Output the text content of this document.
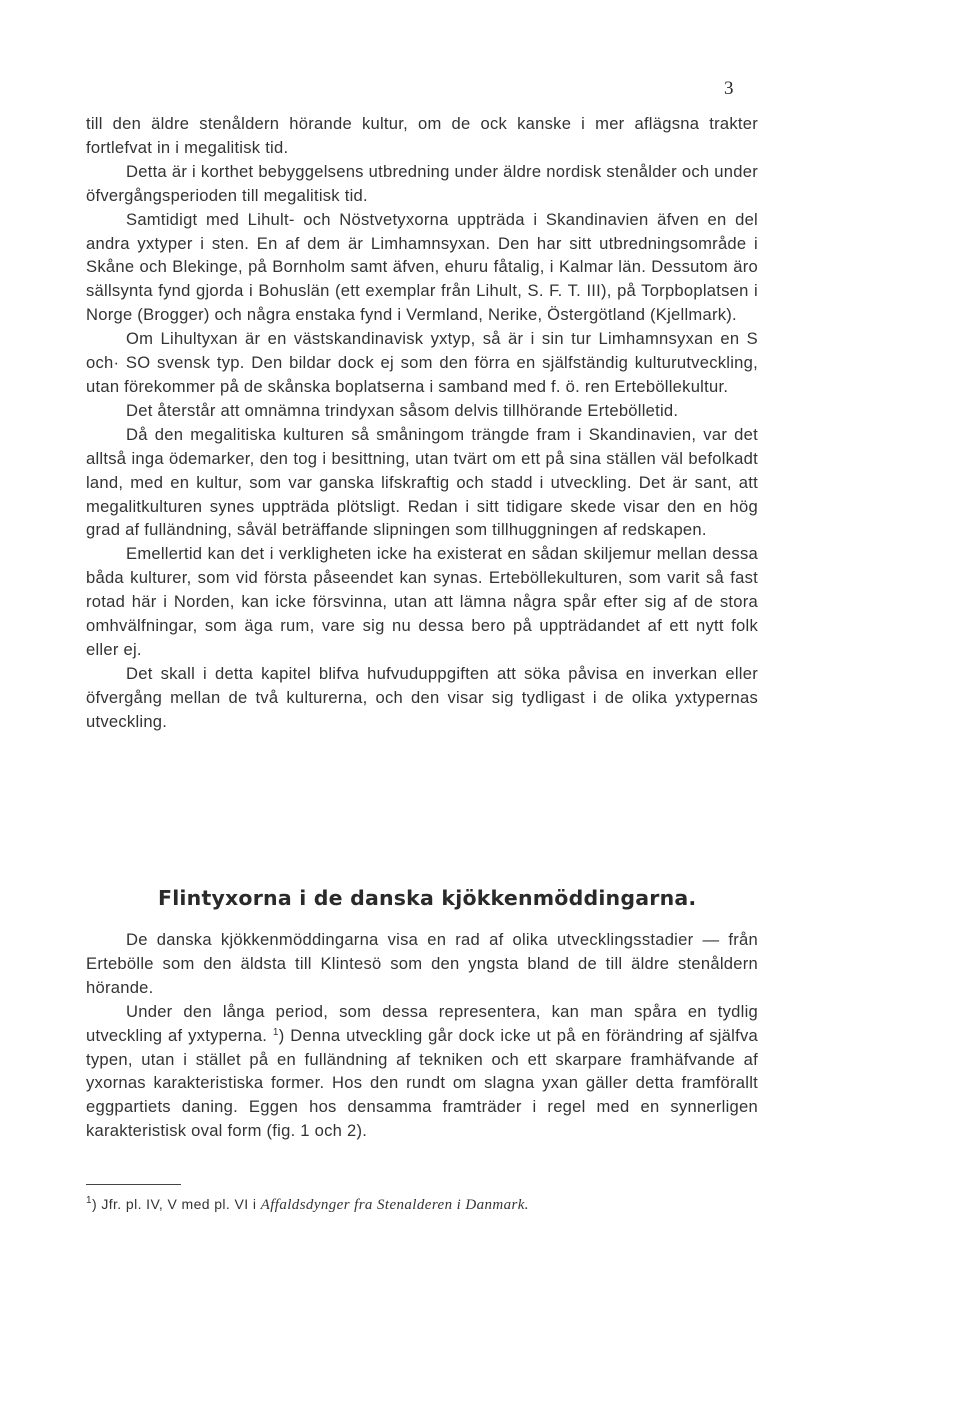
3

till den äldre stenåldern hörande kultur, om de ock kanske i mer aflägsna trakter fortlefvat in i megalitisk tid.

Detta är i korthet bebyggelsens utbredning under äldre nordisk stenålder och under öfvergångsperioden till megalitisk tid.

Samtidigt med Lihult- och Nöstvetyxorna uppträda i Skandinavien äfven en del andra yxtyper i sten. En af dem är Limhamnsyxan. Den har sitt utbredningsområde i Skåne och Blekinge, på Bornholm samt äfven, ehuru fåtalig, i Kalmar län. Dessutom äro sällsynta fynd gjorda i Bohuslän (ett exemplar från Lihult, S. F. T. III), på Torpboplatsen i Norge (Brogger) och några enstaka fynd i Vermland, Nerike, Östergötland (Kjellmark).

Om Lihultyxan är en västskandinavisk yxtyp, så är i sin tur Limhamnsyxan en S och· SO svensk typ. Den bildar dock ej som den förra en själfständig kulturutveckling, utan förekommer på de skånska boplatserna i samband med f. ö. ren Erteböllekultur.

Det återstår att omnämna trindyxan såsom delvis tillhörande Ertebölletid.

Då den megalitiska kulturen så småningom trängde fram i Skandinavien, var det alltså inga ödemarker, den tog i besittning, utan tvärt om ett på sina ställen väl befolkadt land, med en kultur, som var ganska lifskraftig och stadd i utveckling. Det är sant, att megalitkulturen synes uppträda plötsligt. Redan i sitt tidigare skede visar den en hög grad af fulländning, såväl beträffande slipningen som tillhuggningen af redskapen.

Emellertid kan det i verkligheten icke ha existerat en sådan skiljemur mellan dessa båda kulturer, som vid första påseendet kan synas. Erteböllekulturen, som varit så fast rotad här i Norden, kan icke försvinna, utan att lämna några spår efter sig af de stora omhvälfningar, som äga rum, vare sig nu dessa bero på uppträdandet af ett nytt folk eller ej.

Det skall i detta kapitel blifva hufvuduppgiften att söka påvisa en inverkan eller öfvergång mellan de två kulturerna, och den visar sig tydligast i de olika yxtypernas utveckling.

Flintyxorna i de danska kjökkenmöddingarna.

De danska kjökkenmöddingarna visa en rad af olika utvecklingsstadier — från Ertebölle som den äldsta till Klintesö som den yngsta bland de till äldre stenåldern hörande.

Under den långa period, som dessa representera, kan man spåra en tydlig utveckling af yxtyperna. $^1$) Denna utveckling går dock icke ut på en förändring af själfva typen, utan i stället på en fulländning af tekniken och ett skarpare framhäfvande af yxornas karakteristiska former. Hos den rundt om slagna yxan gäller detta framförallt eggpartiets daning. Eggen hos densamma framträder i regel med en synnerligen karakteristisk oval form (fig. 1 och 2).

$^1$) Jfr. pl. IV, V med pl. VI i Affaldsdynger fra Stenalderen i Danmark.
